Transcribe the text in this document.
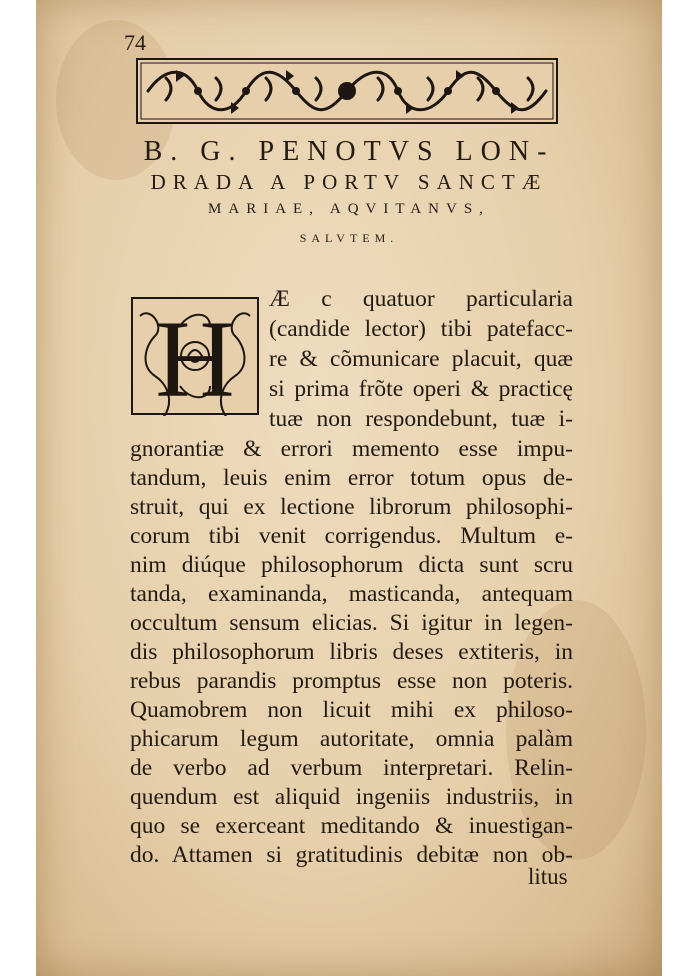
74
B. G. PENOTVS LON-
DRADA A PORTV SANCTÆ
MARIAE, AQVITANVS,
SALVTEM.
H Æ c quatuor particularia
(candide lector) tibi patefacc-
re & cõmunicare placuit, quæ
si prima frõte operi & practicę
tuæ non respondebunt, tuæ i-
gnorantiæ & errori memento esse impu-
tandum, leuis enim error totum opus de-
struit, qui ex lectione librorum philosophi-
corum tibi venit corrigendus. Multum e-
nim diúque philosophorum dicta sunt scru
tanda, examinanda, masticanda, antequam
occultum sensum elicias. Si igitur in legen-
dis philosophorum libris deses extiteris, in
rebus parandis promptus esse non poteris.
Quamobrem non licuit mihi ex philoso-
phicarum legum autoritate, omnia palàm
de verbo ad verbum interpretari. Relin-
quendum est aliquid ingeniis industriis, in
quo se exerceant meditando & inuestigan-
do. Attamen si gratitudinis debitæ non ob-
litus
